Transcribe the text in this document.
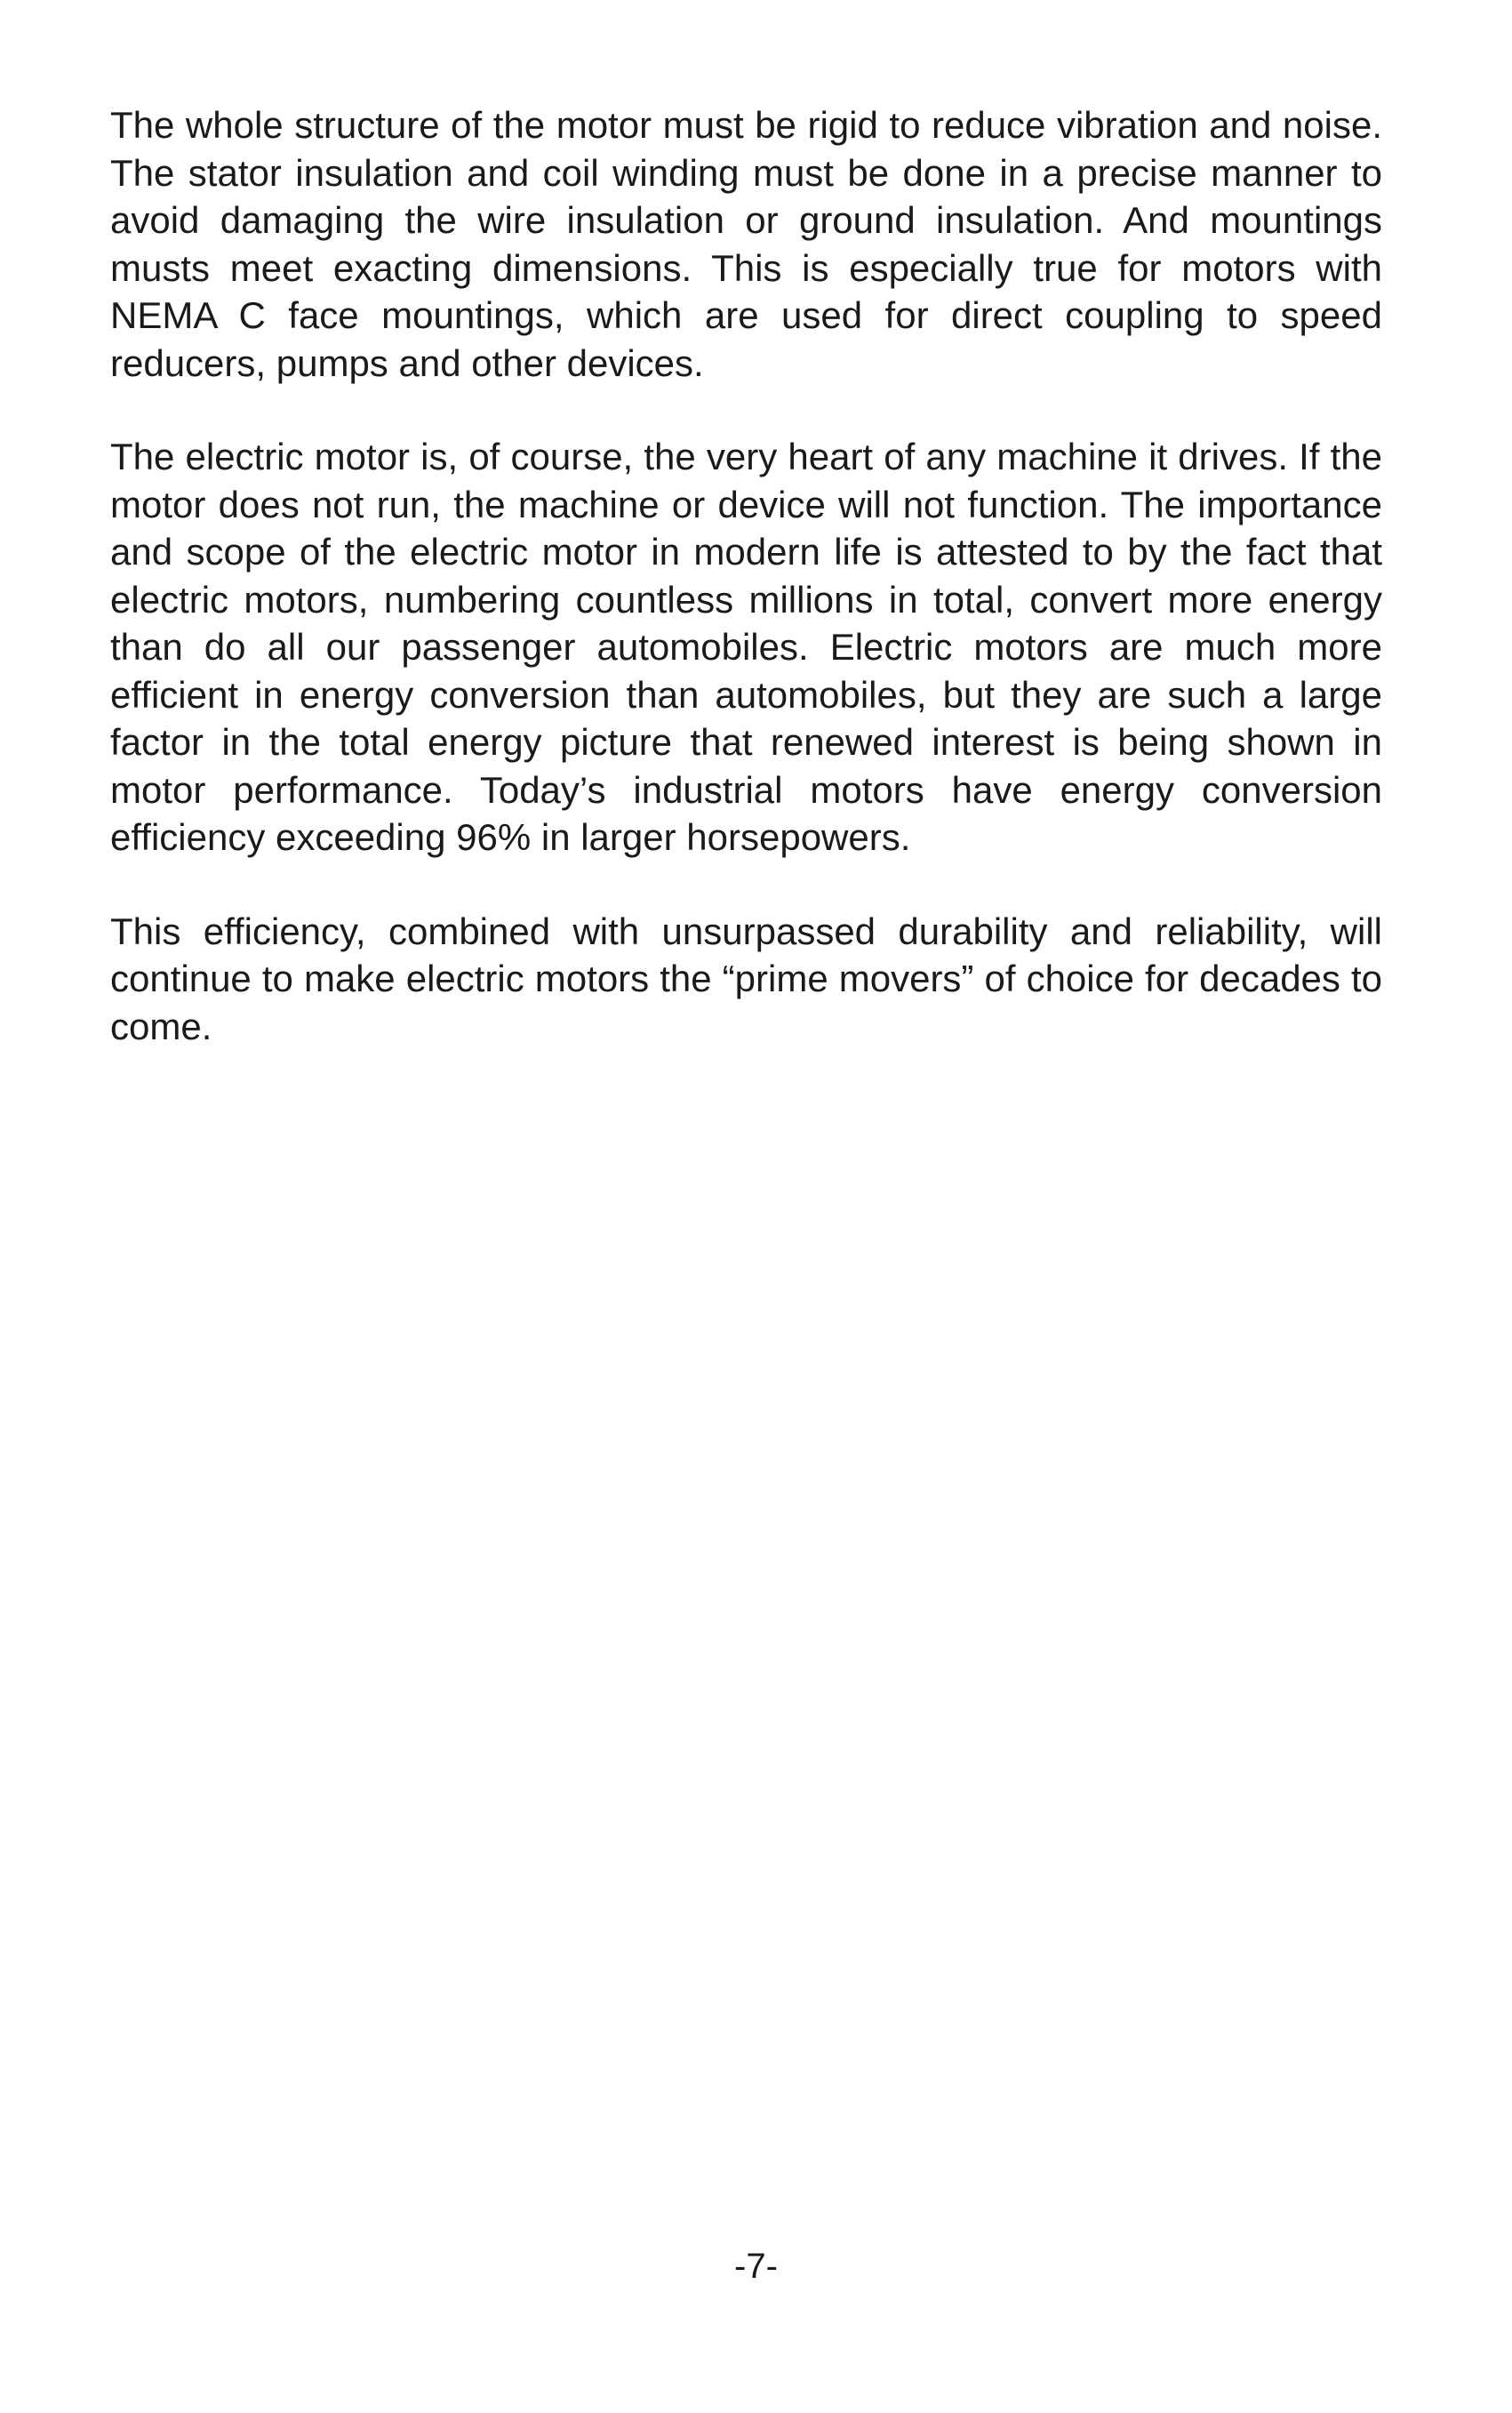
The whole structure of the motor must be rigid to reduce vibration and noise. The stator insulation and coil winding must be done in a precise manner to avoid damaging the wire insulation or ground insulation. And mountings musts meet exacting dimensions. This is especially true for motors with NEMA C face mountings, which are used for direct coupling to speed reducers, pumps and other devices.

The electric motor is, of course, the very heart of any machine it drives. If the motor does not run, the machine or device will not function. The importance and scope of the electric motor in modern life is attested to by the fact that electric motors, numbering countless millions in total, convert more energy than do all our passenger automobiles. Electric motors are much more efficient in energy conversion than automobiles, but they are such a large factor in the total energy picture that renewed interest is being shown in motor performance. Today’s industrial motors have energy conversion efficiency exceeding 96% in larger horsepowers.

This efficiency, combined with unsurpassed durability and reliability, will continue to make electric motors the “prime movers” of choice for decades to come.

-7-
